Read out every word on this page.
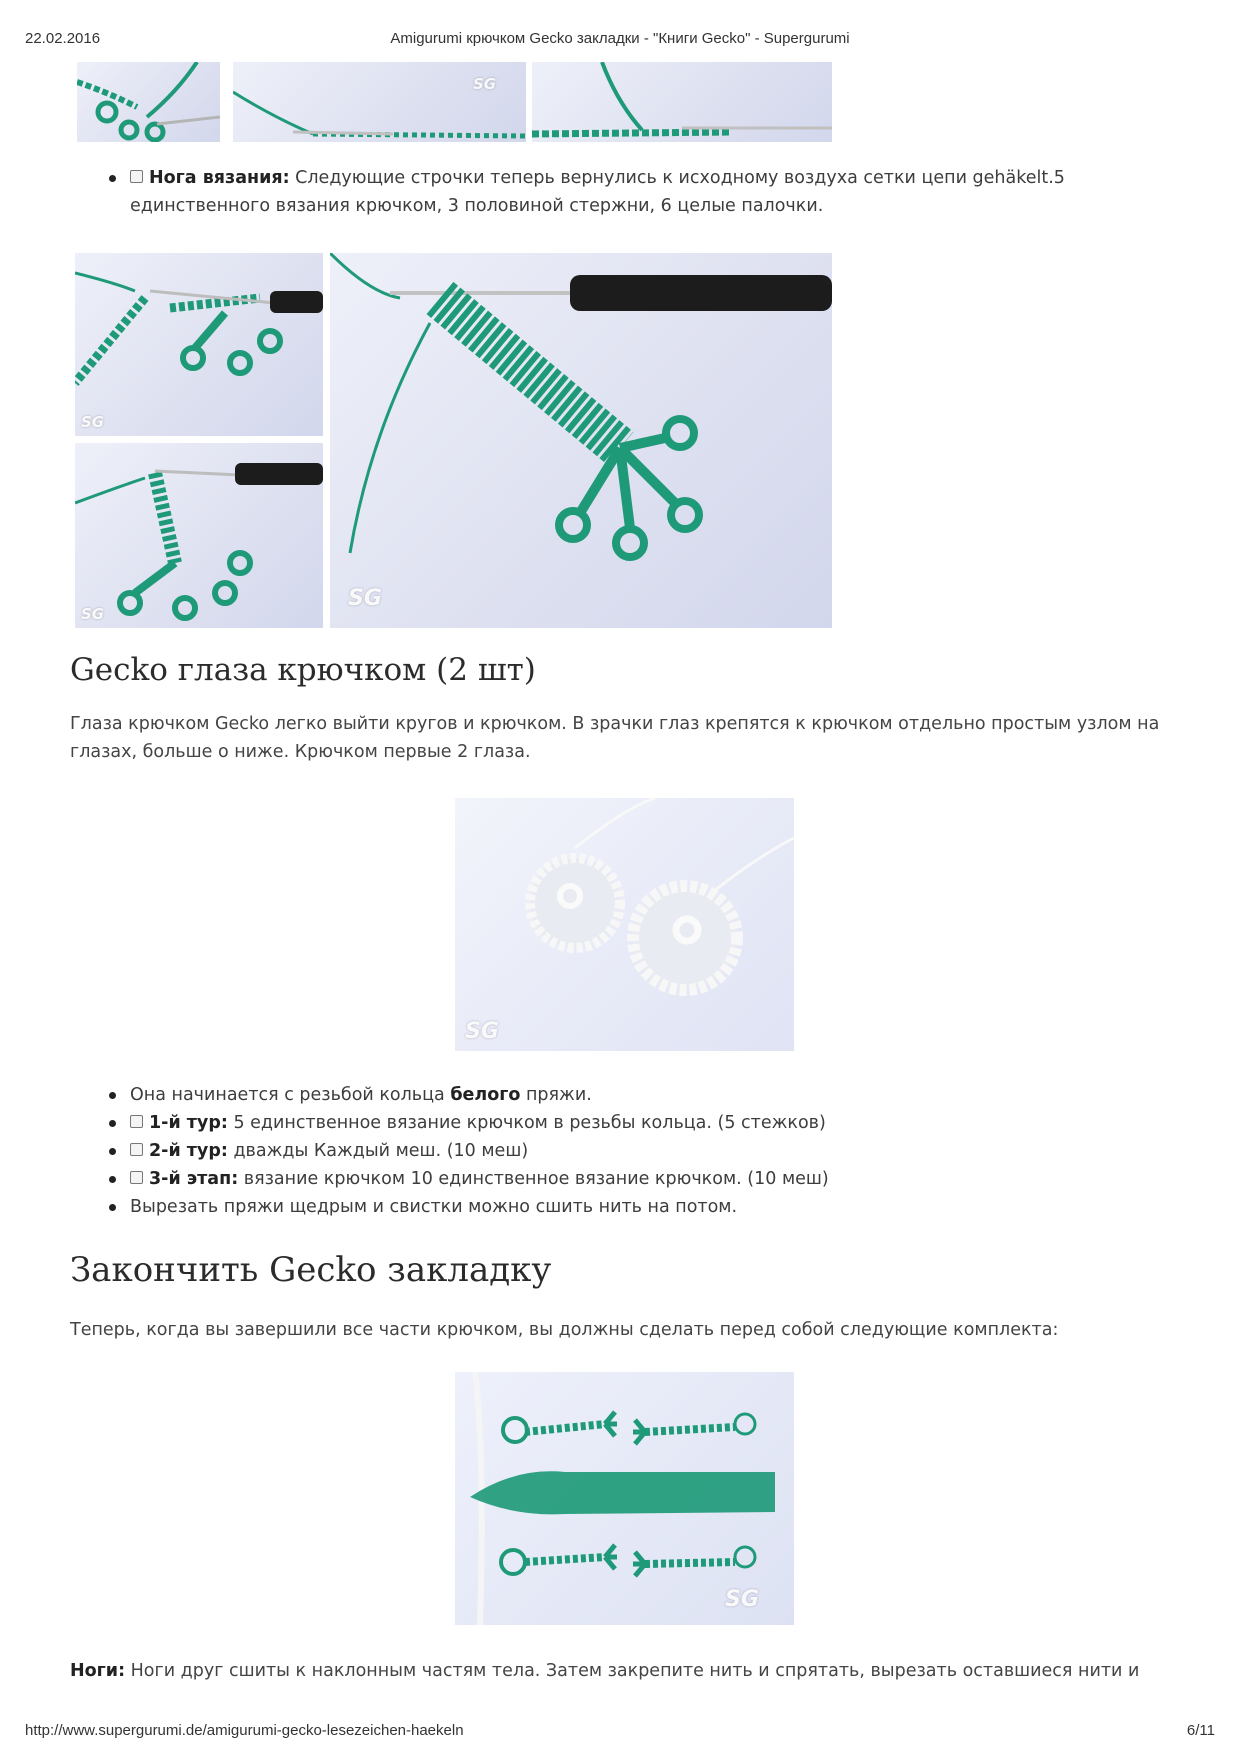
22.02.2016	Amigurumi крючком Gecko закладки - "Книги Gecko" - Supergurumi
SG
Нога вязания: Следующие строчки теперь вернулись к исходному воздуха сетки цепи gehäkelt.5 единственного вязания крючком, 3 половиной стержни, 6 целые палочки.
SG
SG
SG
Gecko глаза крючком (2 шт)

Глаза крючком Gecko легко выйти кругов и крючком. В зрачки глаз крепятся к крючком отдельно простым узлом на глазах, больше о ниже. Крючком первые 2 глаза.

SG
Она начинается с резьбой кольца белого пряжи.
1-й тур: 5 единственное вязание крючком в резьбы кольца. (5 стежков)
2-й тур: дважды Каждый меш. (10 меш)
3-й этап: вязание крючком 10 единственное вязание крючком. (10 меш)
Вырезать пряжи щедрым и свистки можно сшить нить на потом.
Закончить Gecko закладку

Теперь, когда вы завершили все части крючком, вы должны сделать перед собой следующие комплекта:

SG

Ноги: Ноги друг сшиты к наклонным частям тела. Затем закрепите нить и спрятать, вырезать оставшиеся нити и

http://www.supergurumi.de/amigurumi-gecko-lesezeichen-haekeln	6/11
